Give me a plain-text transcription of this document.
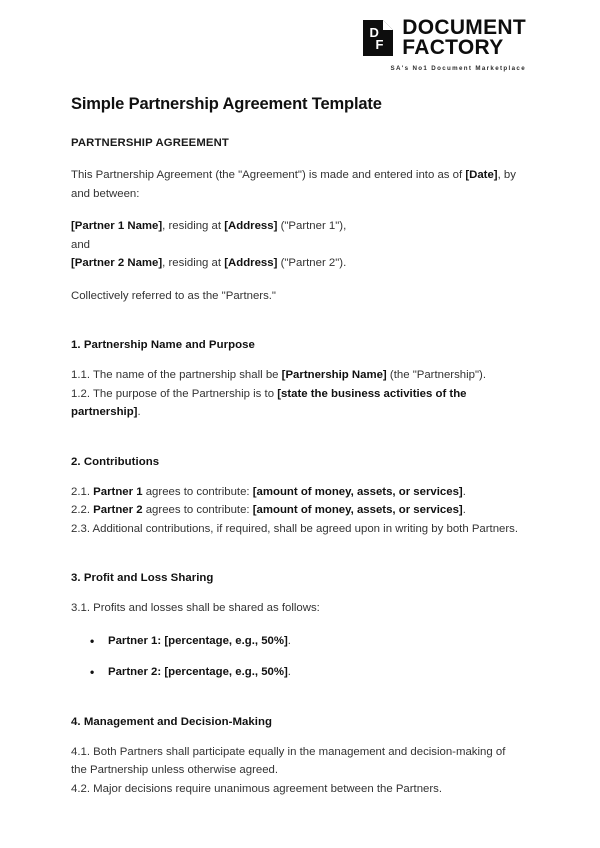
D
F
DOCUMENT
FACTORY
SA's No1 Document Marketplace
Simple Partnership Agreement Template
PARTNERSHIP AGREEMENT

This Partnership Agreement (the "Agreement") is made and entered into as of [Date], by and between:

[Partner 1 Name], residing at [Address] ("Partner 1"),

and

[Partner 2 Name], residing at [Address] ("Partner 2").

Collectively referred to as the "Partners."

1. Partnership Name and Purpose

1.1. The name of the partnership shall be [Partnership Name] (the "Partnership").

1.2. The purpose of the Partnership is to [state the business activities of the partnership].

2. Contributions

2.1. Partner 1 agrees to contribute: [amount of money, assets, or services].

2.2. Partner 2 agrees to contribute: [amount of money, assets, or services].

2.3. Additional contributions, if required, shall be agreed upon in writing by both Partners.

3. Profit and Loss Sharing

3.1. Profits and losses shall be shared as follows:

• Partner 1: [percentage, e.g., 50%].
• Partner 2: [percentage, e.g., 50%].
4. Management and Decision-Making

4.1. Both Partners shall participate equally in the management and decision-making of the Partnership unless otherwise agreed.

4.2. Major decisions require unanimous agreement between the Partners.
